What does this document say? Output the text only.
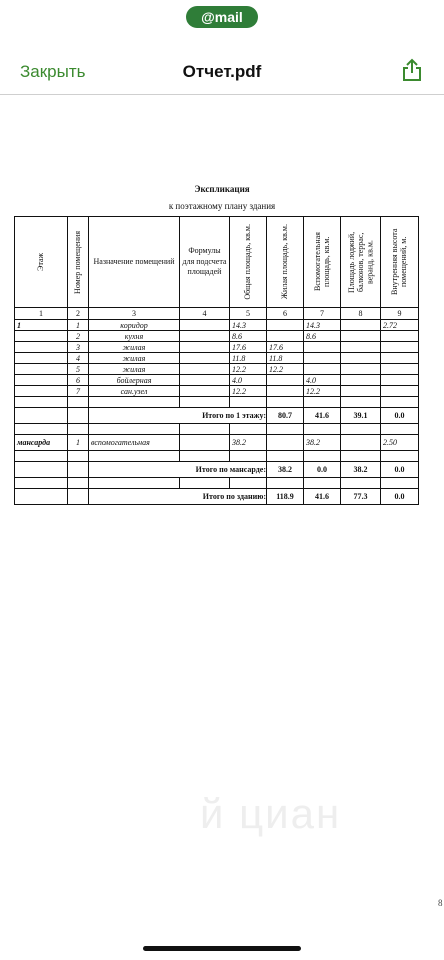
@mail
Закрыть	Отчет.pdf
Экспликация
к поэтажному плану здания
Этаж	Номер помещения	Назначение помещений	Формулы для подсчета площадей	Общая площадь, кв.м.	Жилая площадь, кв.м.	Вспомогательная площадь, кв.м.	Площадь лоджий, балконов, террас, веранд, кв.м.	Внутренняя высота помещений, м.

1	2	3	4	5	6	7	8	9
1	1	коридор		14.3		14.3		2.72
	2	кухня		8.6		8.6		
	3	жилая		17.6	17.6			
	4	жилая		11.8	11.8			
	5	жилая		12.2	12.2			
	6	бойлерная		4.0		4.0		
	7	сан.узел		12.2		12.2		

		Итого по 1 этажу:			80.7	41.6	39.1	0.0

мансарда	1	вспомогательная		38.2		38.2		2.50

		Итого по мансарде:			38.2	0.0	38.2	0.0

		Итого по зданию:			118.9	41.6	77.3	0.0
й циан
8
